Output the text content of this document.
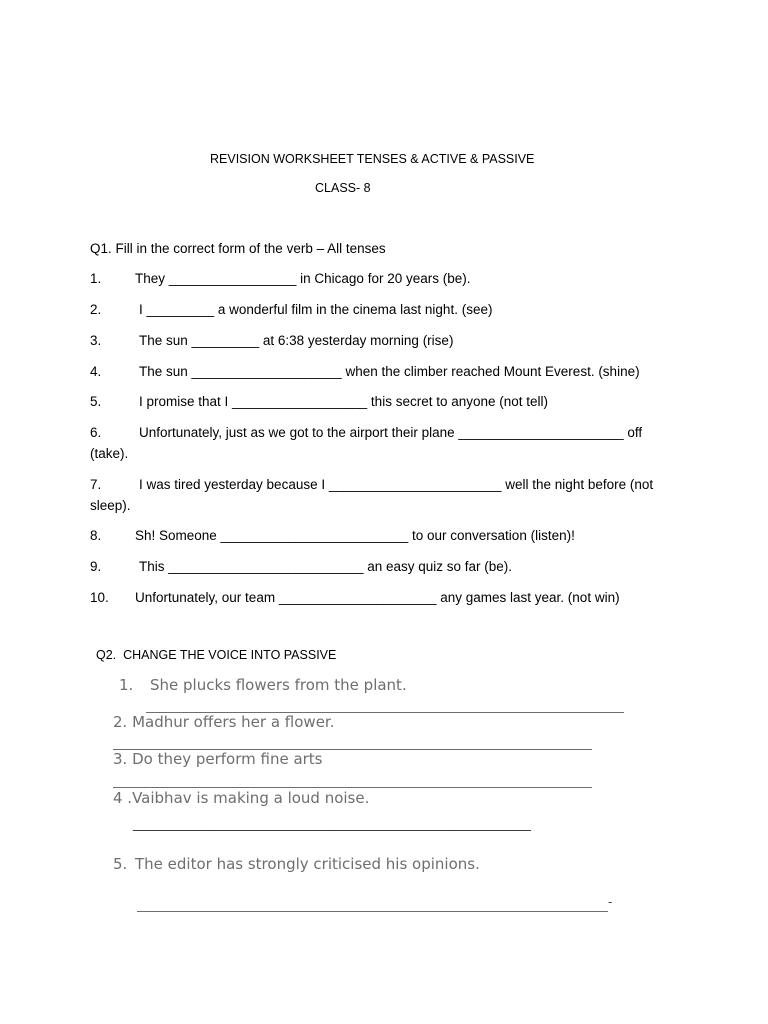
REVISION WORKSHEET TENSES & ACTIVE & PASSIVE
CLASS- 8
Q1. Fill in the correct form of the verb – All tenses
1. They _________________ in Chicago for 20 years (be).
2.	I _________ a wonderful film in the cinema last night. (see)
3.	The sun _________ at 6:38 yesterday morning (rise)
4.	The sun ____________________ when the climber reached Mount Everest. (shine)
5.	I promise that I __________________ this secret to anyone (not tell)
6.	Unfortunately, just as we got to the airport their plane ______________________ off
(take).
7.	I was tired yesterday because I _______________________ well the night before (not
sleep).
8. Sh! Someone _________________________ to our conversation (listen)!
9.	This __________________________ an easy quiz so far (be).
10. Unfortunately, our team _____________________ any games last year. (not win)
Q2.  CHANGE THE VOICE INTO PASSIVE
1. She plucks flowers from the plant.
2. Madhur offers her a flower.
3. Do they perform fine arts
4 .Vaibhav is making a loud noise.
_____________________________________________________
5. The editor has strongly criticised his opinions.
-
